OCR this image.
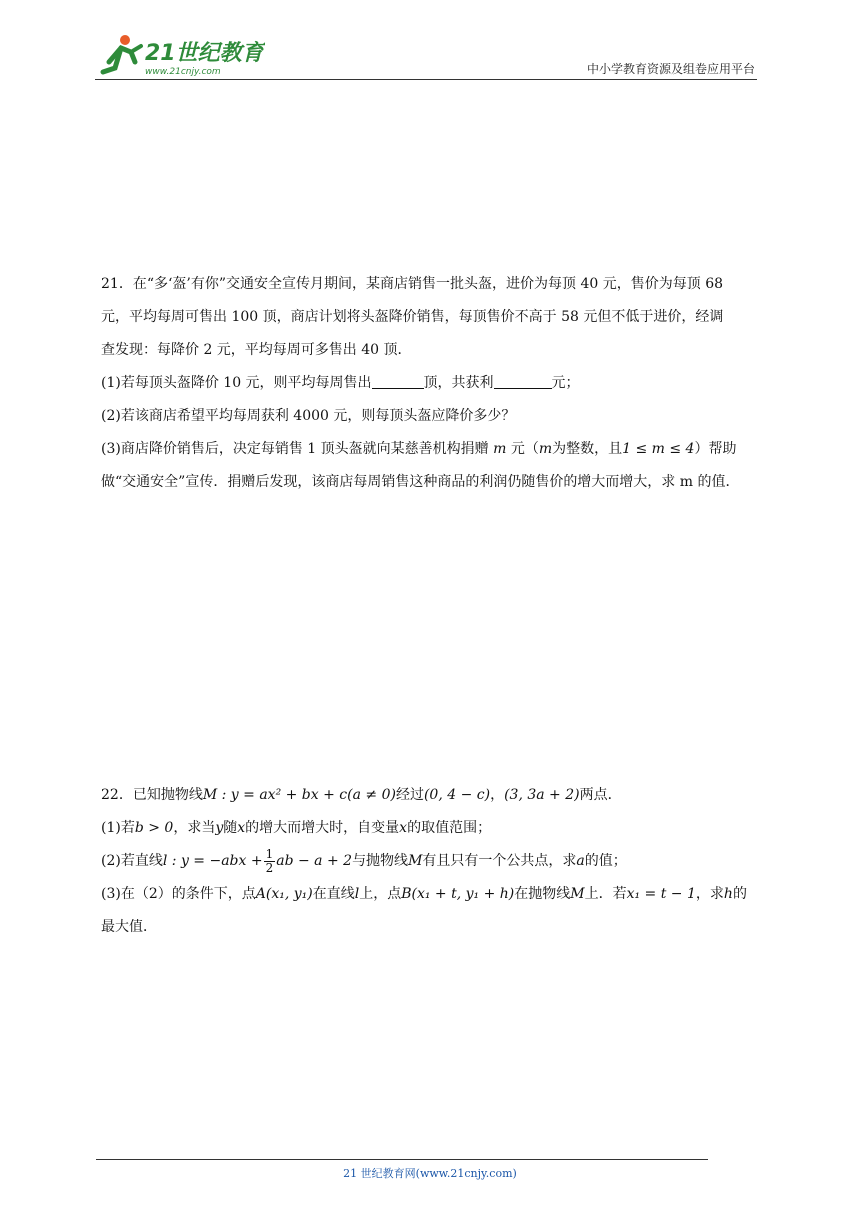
21世纪教育
www.21cnjy.com	中小学教育资源及组卷应用平台

21．在“多‘盔’有你”交通安全宣传月期间，某商店销售一批头盔，进价为每顶 40 元，售价为每顶 68

元，平均每周可售出 100 顶，商店计划将头盔降价销售，每顶售价不高于 58 元但不低于进价，经调

查发现：每降价 2 元，平均每周可多售出 40 顶．

(1)若每顶头盔降价 10 元，则平均每周售出	顶，共获利	元；

(2)若该商店希望平均每周获利 4000 元，则每顶头盔应降价多少？

(3)商店降价销售后，决定每销售 1 顶头盔就向某慈善机构捐赠 m 元（m为整数，且1 ≤ m ≤ 4）帮助

做“交通安全”宣传．捐赠后发现，该商店每周销售这种商品的利润仍随售价的增大而增大，求 m 的值．

22．已知抛物线M : y = ax² + bx + c(a ≠ 0)经过(0, 4 − c)，(3, 3a + 2)两点．

(1)若b > 0，求当y随x的增大而增大时，自变量x的取值范围；

(2)若直线l : $y = -abx + \frac{1}{2}$ ab − a + 2与抛物线M有且只有一个公共点，求a的值；

(3)在（2）的条件下，点A(x₁, y₁)在直线l上，点B(x₁ + t, y₁ + h)在抛物线M上．若x₁ = t − 1，求h的

最大值．

21 世纪教育网(www.21cnjy.com)
